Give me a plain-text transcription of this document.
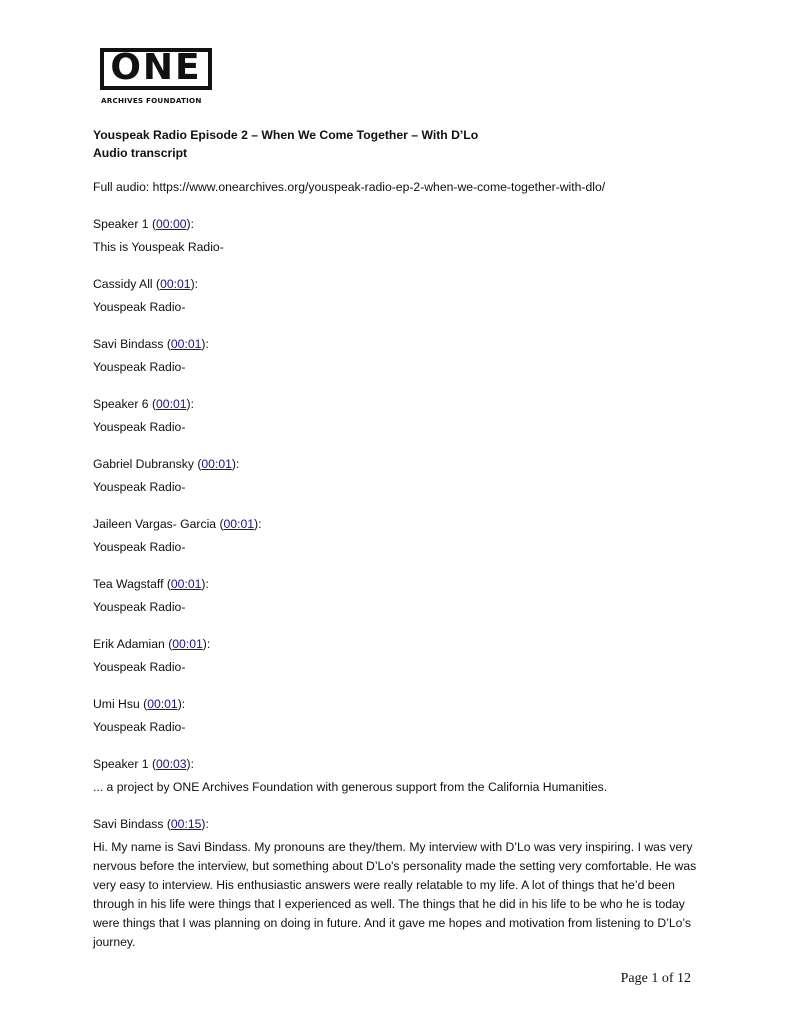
ONE
ARCHIVES FOUNDATION
Youspeak Radio Episode 2 – When We Come Together – With D’Lo
Audio transcript
Full audio: https://www.onearchives.org/youspeak-radio-ep-2-when-we-come-together-with-dlo/
Speaker 1 (00:00):
This is Youspeak Radio-
Cassidy All (00:01):
Youspeak Radio-
Savi Bindass (00:01):
Youspeak Radio-
Speaker 6 (00:01):
Youspeak Radio-
Gabriel Dubransky (00:01):
Youspeak Radio-
Jaileen Vargas- Garcia (00:01):
Youspeak Radio-
Tea Wagstaff (00:01):
Youspeak Radio-
Erik Adamian (00:01):
Youspeak Radio-
Umi Hsu (00:01):
Youspeak Radio-
Speaker 1 (00:03):
... a project by ONE Archives Foundation with generous support from the California Humanities.
Savi Bindass (00:15):
Hi. My name is Savi Bindass. My pronouns are they/them. My interview with D’Lo was very inspiring. I was very nervous before the interview, but something about D’Lo's personality made the setting very comfortable. He was very easy to interview. His enthusiastic answers were really relatable to my life. A lot of things that he’d been through in his life were things that I experienced as well. The things that he did in his life to be who he is today were things that I was planning on doing in future. And it gave me hopes and motivation from listening to D’Lo’s journey.
Page 1 of 12
